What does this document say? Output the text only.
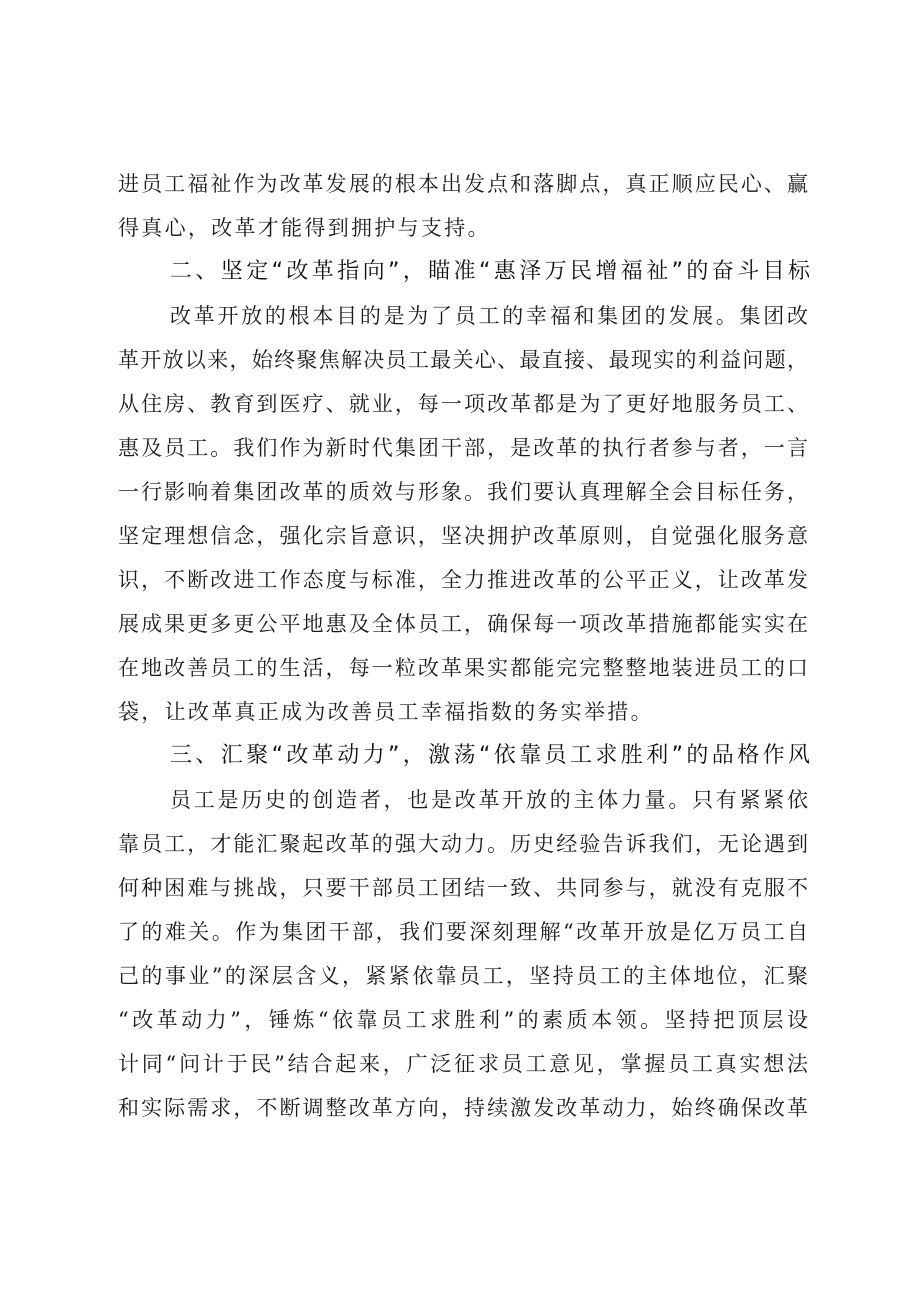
进员工福祉作为改革发展的根本出发点和落脚点，真正顺应民心、赢
得真心，改革才能得到拥护与支持。
二、坚定“改革指向”，瞄准“惠泽万民增福祉”的奋斗目标
改革开放的根本目的是为了员工的幸福和集团的发展。集团改
革开放以来，始终聚焦解决员工最关心、最直接、最现实的利益问题，
从住房、教育到医疗、就业，每一项改革都是为了更好地服务员工、
惠及员工。我们作为新时代集团干部，是改革的执行者参与者，一言
一行影响着集团改革的质效与形象。我们要认真理解全会目标任务，
坚定理想信念，强化宗旨意识，坚决拥护改革原则，自觉强化服务意
识，不断改进工作态度与标准，全力推进改革的公平正义，让改革发
展成果更多更公平地惠及全体员工，确保每一项改革措施都能实实在
在地改善员工的生活，每一粒改革果实都能完完整整地装进员工的口
袋，让改革真正成为改善员工幸福指数的务实举措。
三、汇聚“改革动力”，激荡“依靠员工求胜利”的品格作风
员工是历史的创造者，也是改革开放的主体力量。只有紧紧依
靠员工，才能汇聚起改革的强大动力。历史经验告诉我们，无论遇到
何种困难与挑战，只要干部员工团结一致、共同参与，就没有克服不
了的难关。作为集团干部，我们要深刻理解“改革开放是亿万员工自
己的事业”的深层含义，紧紧依靠员工，坚持员工的主体地位，汇聚
“改革动力”，锤炼“依靠员工求胜利”的素质本领。坚持把顶层设
计同“问计于民”结合起来，广泛征求员工意见，掌握员工真实想法
和实际需求，不断调整改革方向，持续激发改革动力，始终确保改革
